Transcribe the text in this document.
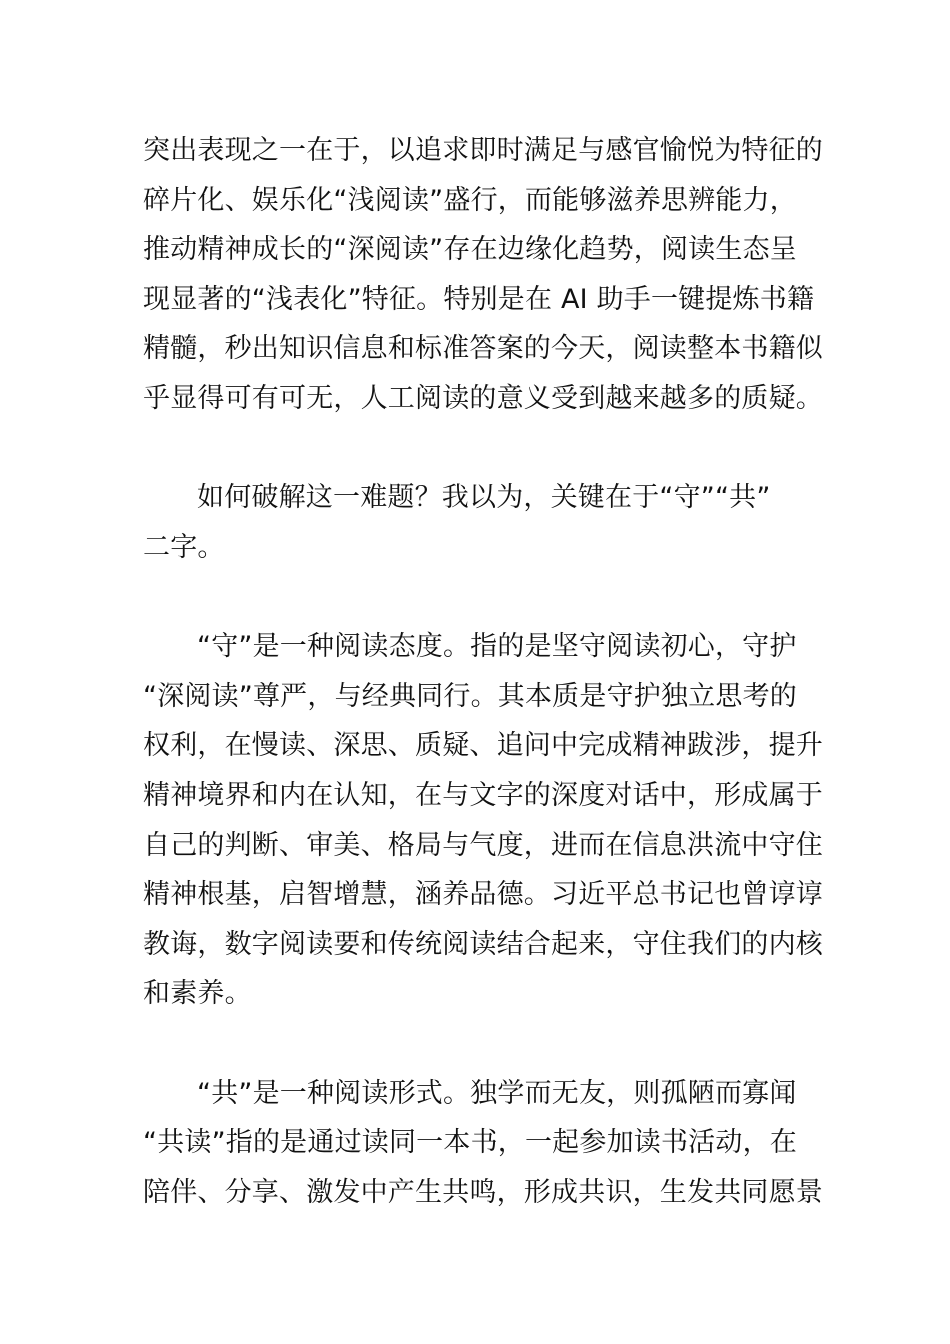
突出表现之一在于，以追求即时满足与感官愉悦为特征的
碎片化、娱乐化“浅阅读”盛行，而能够滋养思辨能力，
推动精神成长的“深阅读”存在边缘化趋势，阅读生态呈
现显著的“浅表化”特征。特别是在 AI 助手一键提炼书籍
精髓，秒出知识信息和标准答案的今天，阅读整本书籍似
乎显得可有可无，人工阅读的意义受到越来越多的质疑。
如何破解这一难题？我以为，关键在于“守”“共”
二字。
“守”是一种阅读态度。指的是坚守阅读初心，守护
“深阅读”尊严，与经典同行。其本质是守护独立思考的
权利，在慢读、深思、质疑、追问中完成精神跋涉，提升
精神境界和内在认知，在与文字的深度对话中，形成属于
自己的判断、审美、格局与气度，进而在信息洪流中守住
精神根基，启智增慧，涵养品德。习近平总书记也曾谆谆
教诲，数字阅读要和传统阅读结合起来，守住我们的内核
和素养。
“共”是一种阅读形式。独学而无友，则孤陋而寡闻
“共读”指的是通过读同一本书，一起参加读书活动，在
陪伴、分享、激发中产生共鸣，形成共识，生发共同愿景
